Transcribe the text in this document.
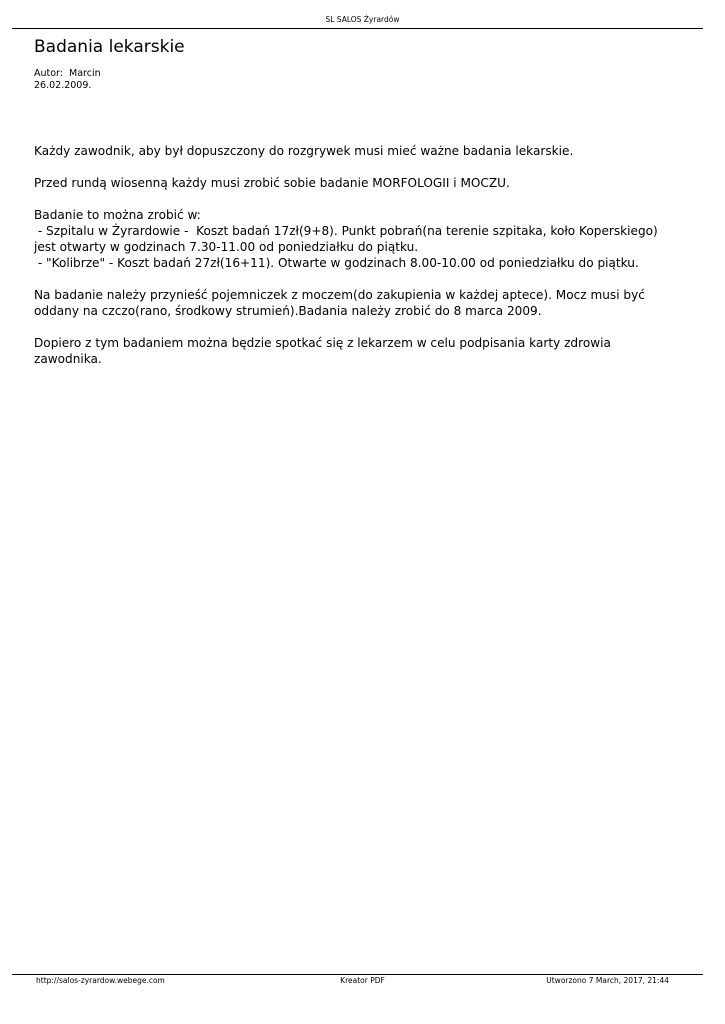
SL SALOS Żyrardów
Badania lekarskie
Autor:  Marcin
26.02.2009.
Każdy zawodnik, aby był dopuszczony do rozgrywek musi mieć ważne badania lekarskie.
Przed rundą wiosenną każdy musi zrobić sobie badanie MORFOLOGII i MOCZU.
Badanie to można zrobić w:
- Szpitalu w Żyrardowie -  Koszt badań 17zł(9+8). Punkt pobrań(na terenie szpitaka, koło Koperskiego)
jest otwarty w godzinach 7.30-11.00 od poniedziałku do piątku.
- "Kolibrze" - Koszt badań 27zł(16+11). Otwarte w godzinach 8.00-10.00 od poniedziałku do piątku.
Na badanie należy przynieść pojemniczek z moczem(do zakupienia w każdej aptece). Mocz musi być
oddany na czczo(rano, środkowy strumień).Badania należy zrobić do 8 marca 2009.
Dopiero z tym badaniem można będzie spotkać się z lekarzem w celu podpisania karty zdrowia
zawodnika.
http://salos-zyrardow.webege.com	Kreator PDF	Utworzono 7 March, 2017, 21:44
